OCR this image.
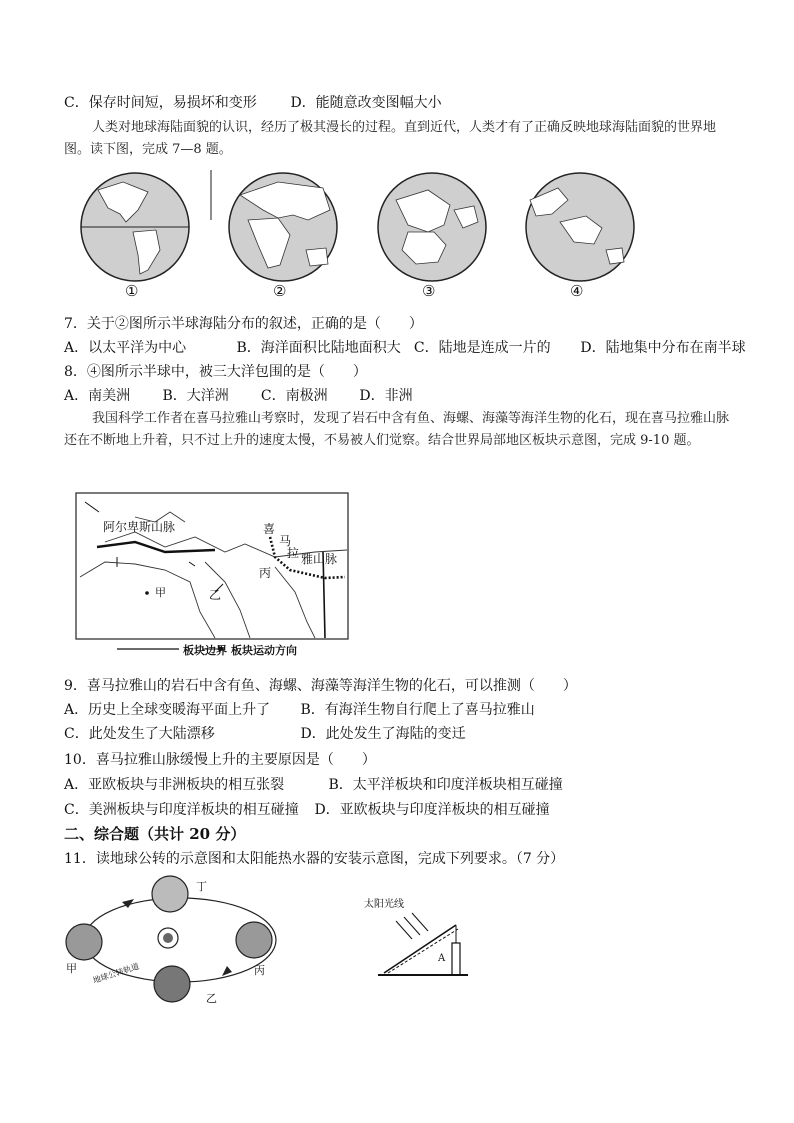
C．保存时间短，易损坏和变形 D．能随意改变图幅大小
人类对地球海陆面貌的认识，经历了极其漫长的过程。直到近代，人类才有了正确反映地球海陆面貌的世界地图。读下图，完成 7—8 题。
①	②	③	④
7．关于②图所示半球海陆分布的叙述，正确的是（　　）
A．以太平洋为中心	B．海洋面积比陆地面积大 C．陆地是连成一片的 D．陆地集中分布在南半球
8．④图所示半球中，被三大洋包围的是（　　）
A．南美洲 B．大洋洲 C．南极洲 D．非洲
我国科学工作者在喜马拉雅山考察时，发现了岩石中含有鱼、海螺、海藻等海洋生物的化石，现在喜马拉雅山脉还在不断地上升着，只不过上升的速度太慢，不易被人们觉察。结合世界局部地区板块示意图，完成 9-10 题。
阿尔卑斯山脉	喜
马
拉 雅山脉
甲	乙
丙
板块边界 板块运动方向
9．喜马拉雅山的岩石中含有鱼、海螺、海藻等海洋生物的化石，可以推测（　　）
A．历史上全球变暖海平面上升了 B．有海洋生物自行爬上了喜马拉雅山
C．此处发生了大陆漂移	D．此处发生了海陆的变迁
10．喜马拉雅山脉缓慢上升的主要原因是（　　）
A．亚欧板块与非洲板块的相互张裂	B．太平洋板块和印度洋板块相互碰撞
C．美洲板块与印度洋板块的相互碰撞 D．亚欧板块与印度洋板块的相互碰撞
二、综合题（共计 20 分）
11．读地球公转的示意图和太阳能热水器的安装示意图，完成下列要求。（7 分）
丁
甲
乙
丙
地球公转轨道
太阳光线
A
